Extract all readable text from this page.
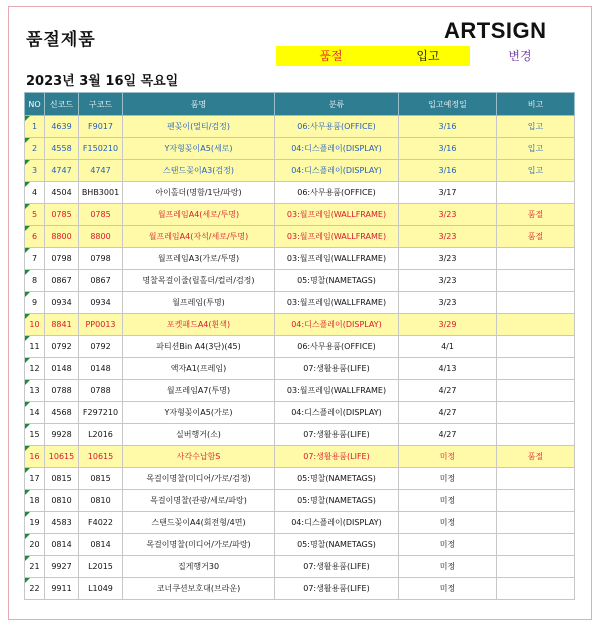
품절제품	ARTSIGN
품절	입고	변경
2023년 3월 16일 목요일
NO	신코드	구코드	품명	분류	입고예정일	비고
1	4639	F9017	펜꽂이(멀티/검정)	06:사무용품(OFFICE)	3/16	입고
2	4558	F150210	Y자형꽂이A5(세로)	04:디스플레이(DISPLAY)	3/16	입고
3	4747	4747	스탠드꽂이A3(검정)	04:디스플레이(DISPLAY)	3/16	입고
4	4504	BHB3001	아이홀더(명함/1단/파랑)	06:사무용품(OFFICE)	3/17	
5	0785	0785	월프레임A4(세로/투명)	03:월프레임(WALLFRAME)	3/23	품절
6	8800	8800	월프레임A4(자석/세로/투명)	03:월프레임(WALLFRAME)	3/23	품절
7	0798	0798	월프레임A3(가로/투명)	03:월프레임(WALLFRAME)	3/23	
8	0867	0867	명찰목걸이줄(릴홀더/컬러/검정)	05:명찰(NAMETAGS)	3/23	
9	0934	0934	월프레임(투명)	03:월프레임(WALLFRAME)	3/23	
10	8841	PP0013	포켓패드A4(흰색)	04:디스플레이(DISPLAY)	3/29	
11	0792	0792	파티션Bin A4(3단)(45)	06:사무용품(OFFICE)	4/1	
12	0148	0148	액자A1(프레임)	07:생활용품(LIFE)	4/13	
13	0788	0788	월프레임A7(투명)	03:월프레임(WALLFRAME)	4/27	
14	4568	F297210	Y자형꽂이A5(가로)	04:디스플레이(DISPLAY)	4/27	
15	9928	L2016	실버행거(소)	07:생활용품(LIFE)	4/27	
16	10615	10615	사각수납함S	07:생활용품(LIFE)	미정	품절
17	0815	0815	목걸이명찰(미디어/가로/검정)	05:명찰(NAMETAGS)	미정	
18	0810	0810	목걸이명찰(관광/세로/파랑)	05:명찰(NAMETAGS)	미정	
19	4583	F4022	스탠드꽂이A4(회전형/4면)	04:디스플레이(DISPLAY)	미정	
20	0814	0814	목걸이명찰(미디어/가로/파랑)	05:명찰(NAMETAGS)	미정	
21	9927	L2015	집게행거30	07:생활용품(LIFE)	미정	
22	9911	L1049	코너쿠션보호대(브라운)	07:생활용품(LIFE)	미정	
